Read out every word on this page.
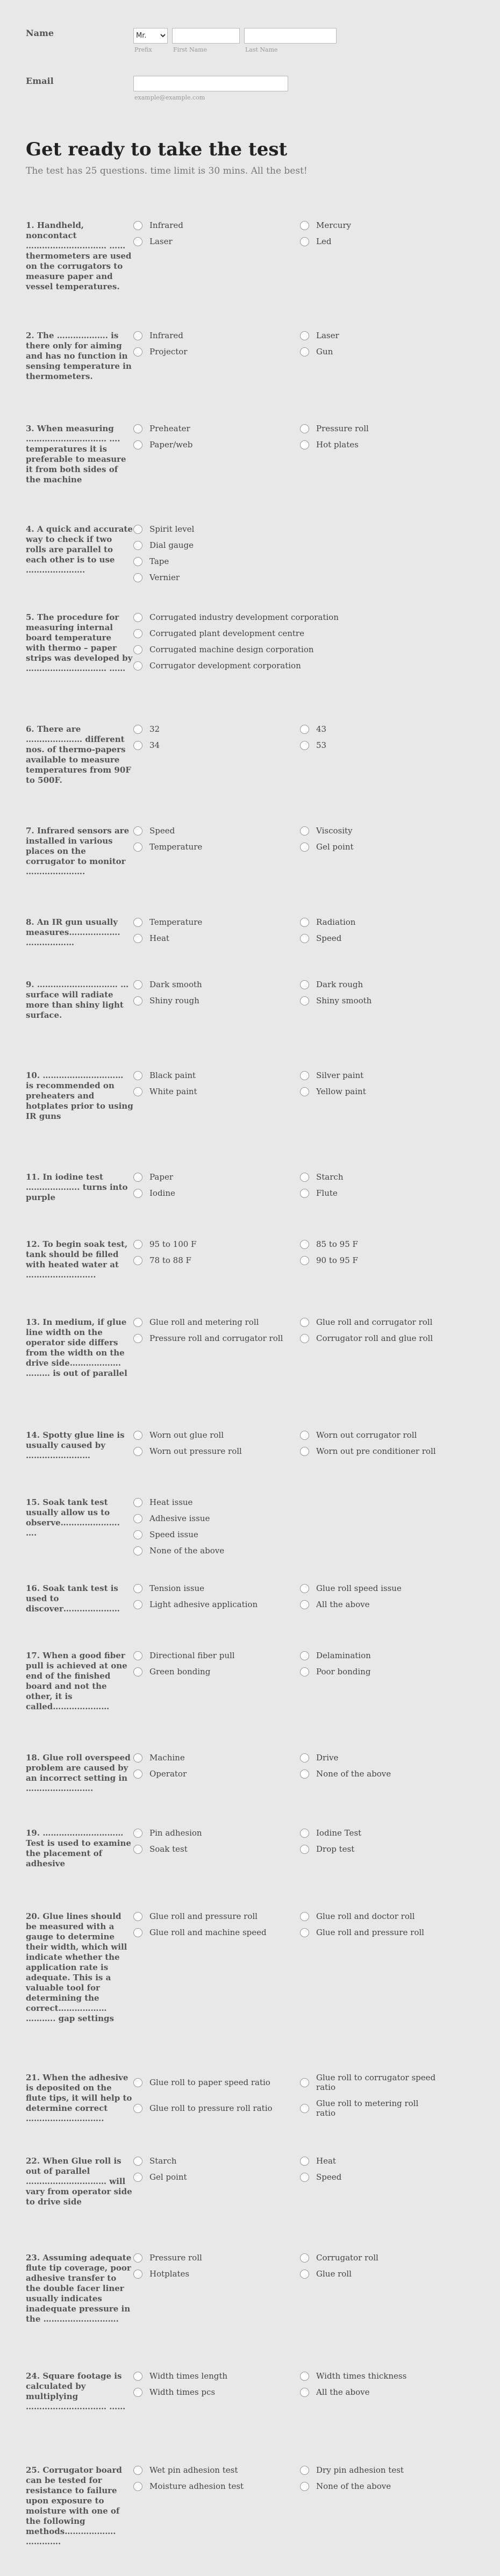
Name
Mr.
Prefix	First Name	Last Name
Email
example@example.com
Get ready to take the test
The test has 25 questions. time limit is 30 mins. All the best!
1. Handheld, noncontact ………………………… …… thermometers are used on the corrugators to measure paper and vessel temperatures.
Infrared	Mercury
Laser	Led
2. The ………………. is there only for aiming and has no function in sensing temperature in thermometers.
Infrared	Laser
Projector	Gun
3. When measuring ………………………… …. temperatures it is preferable to measure it from both sides of the machine
Preheater	Pressure roll
Paper/web	Hot plates
4. A quick and accurate way to check if two rolls are parallel to each other is to use ………………….
Spirit level
Dial gauge
Tape
Vernier
5. The procedure for measuring internal board temperature with thermo – paper strips was developed by ………………………… ……
Corrugated industry development corporation
Corrugated plant development centre
Corrugated machine design corporation
Corrugator development corporation
6. There are ………………… different nos. of thermo-papers available to measure temperatures from 90F to 500F.
32	43
34	53
7. Infrared sensors are installed in various places on the corrugator to monitor ………………….
Speed	Viscosity
Temperature	Gel point
8. An IR gun usually measures………………. ………………
Temperature	Radiation
Heat	Speed
9. ………………………… … surface will radiate more than shiny light surface.
Dark smooth	Dark rough
Shiny rough	Shiny smooth
10. ………………………… is recommended on preheaters and hotplates prior to using IR guns
Black paint	Silver paint
White paint	Yellow paint
11. In iodine test ……………….. turns into purple
Paper	Starch
Iodine	Flute
12. To begin soak test, tank should be filled with heated water at ……………………..
95 to 100 F	85 to 95 F
78 to 88 F	90 to 95 F
13. In medium, if glue line width on the operator side differs from the width on the drive side………………. ……… is out of parallel
Glue roll and metering roll	Glue roll and corrugator roll
Pressure roll and corrugator roll	Corrugator roll and glue roll
14. Spotty glue line is usually caused by ……………………
Worn out glue roll	Worn out corrugator roll
Worn out pressure roll	Worn out pre conditioner roll
15. Soak tank test usually allow us to observe…………………. ….
Heat issue
Adhesive issue
Speed issue
None of the above
16. Soak tank test is used to discover…………………
Tension issue	Glue roll speed issue
Light adhesive application	All the above
17. When a good fiber pull is achieved at one end of the finished board and not the other, it is called…………………
Directional fiber pull	Delamination
Green bonding	Poor bonding
18. Glue roll overspeed problem are caused by an incorrect setting in …………………….
Machine	Drive
Operator	None of the above
19. ………………………… Test is used to examine the placement of adhesive
Pin adhesion	Iodine Test
Soak test	Drop test
20. Glue lines should be measured with a gauge to determine their width, which will indicate whether the application rate is adequate. This is a valuable tool for determining the correct……………… ……….. gap settings
Glue roll and pressure roll	Glue roll and doctor roll
Glue roll and machine speed	Glue roll and pressure roll
21. When the adhesive is deposited on the flute tips, it will help to determine correct ………………………..
Glue roll to paper speed ratio	Glue roll to corrugator speed ratio
Glue roll to pressure roll ratio	Glue roll to metering roll ratio
22. When Glue roll is out of parallel ………………………… will vary from operator side to drive side
Starch	Heat
Gel point	Speed
23. Assuming adequate flute tip coverage, poor adhesive transfer to the double facer liner usually indicates inadequate pressure in the ……………………….
Pressure roll	Corrugator roll
Hotplates	Glue roll
24. Square footage is calculated by multiplying ………………………… ……
Width times length	Width times thickness
Width times pcs	All the above
25. Corrugator board can be tested for resistance to failure upon exposure to moisture with one of the following methods………………. ………….
Wet pin adhesion test	Dry pin adhesion test
Moisture adhesion test	None of the above
